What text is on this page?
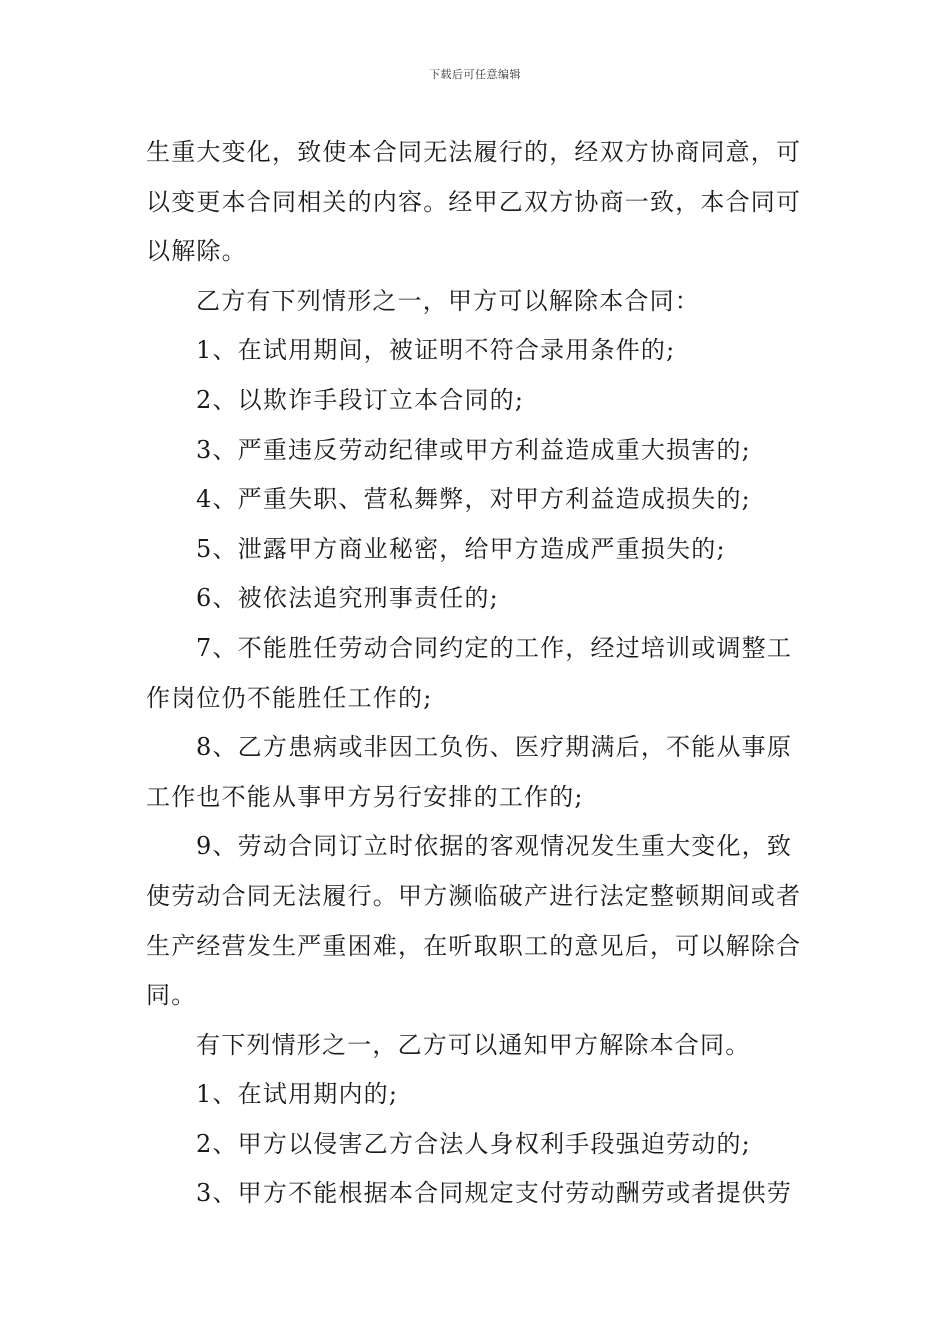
下载后可任意编辑

生重大变化，致使本合同无法履行的，经双方协商同意，可以变更本合同相关的内容。经甲乙双方协商一致，本合同可以解除。

乙方有下列情形之一，甲方可以解除本合同：

1、在试用期间，被证明不符合录用条件的;

2、以欺诈手段订立本合同的;

3、严重违反劳动纪律或甲方利益造成重大损害的;

4、严重失职、营私舞弊，对甲方利益造成损失的;

5、泄露甲方商业秘密，给甲方造成严重损失的;

6、被依法追究刑事责任的;

7、不能胜任劳动合同约定的工作，经过培训或调整工作岗位仍不能胜任工作的;

8、乙方患病或非因工负伤、医疗期满后，不能从事原工作也不能从事甲方另行安排的工作的;

9、劳动合同订立时依据的客观情况发生重大变化，致使劳动合同无法履行。甲方濒临破产进行法定整顿期间或者生产经营发生严重困难，在听取职工的意见后，可以解除合同。

有下列情形之一，乙方可以通知甲方解除本合同。

1、在试用期内的;

2、甲方以侵害乙方合法人身权利手段强迫劳动的;

3、甲方不能根据本合同规定支付劳动酬劳或者提供劳
